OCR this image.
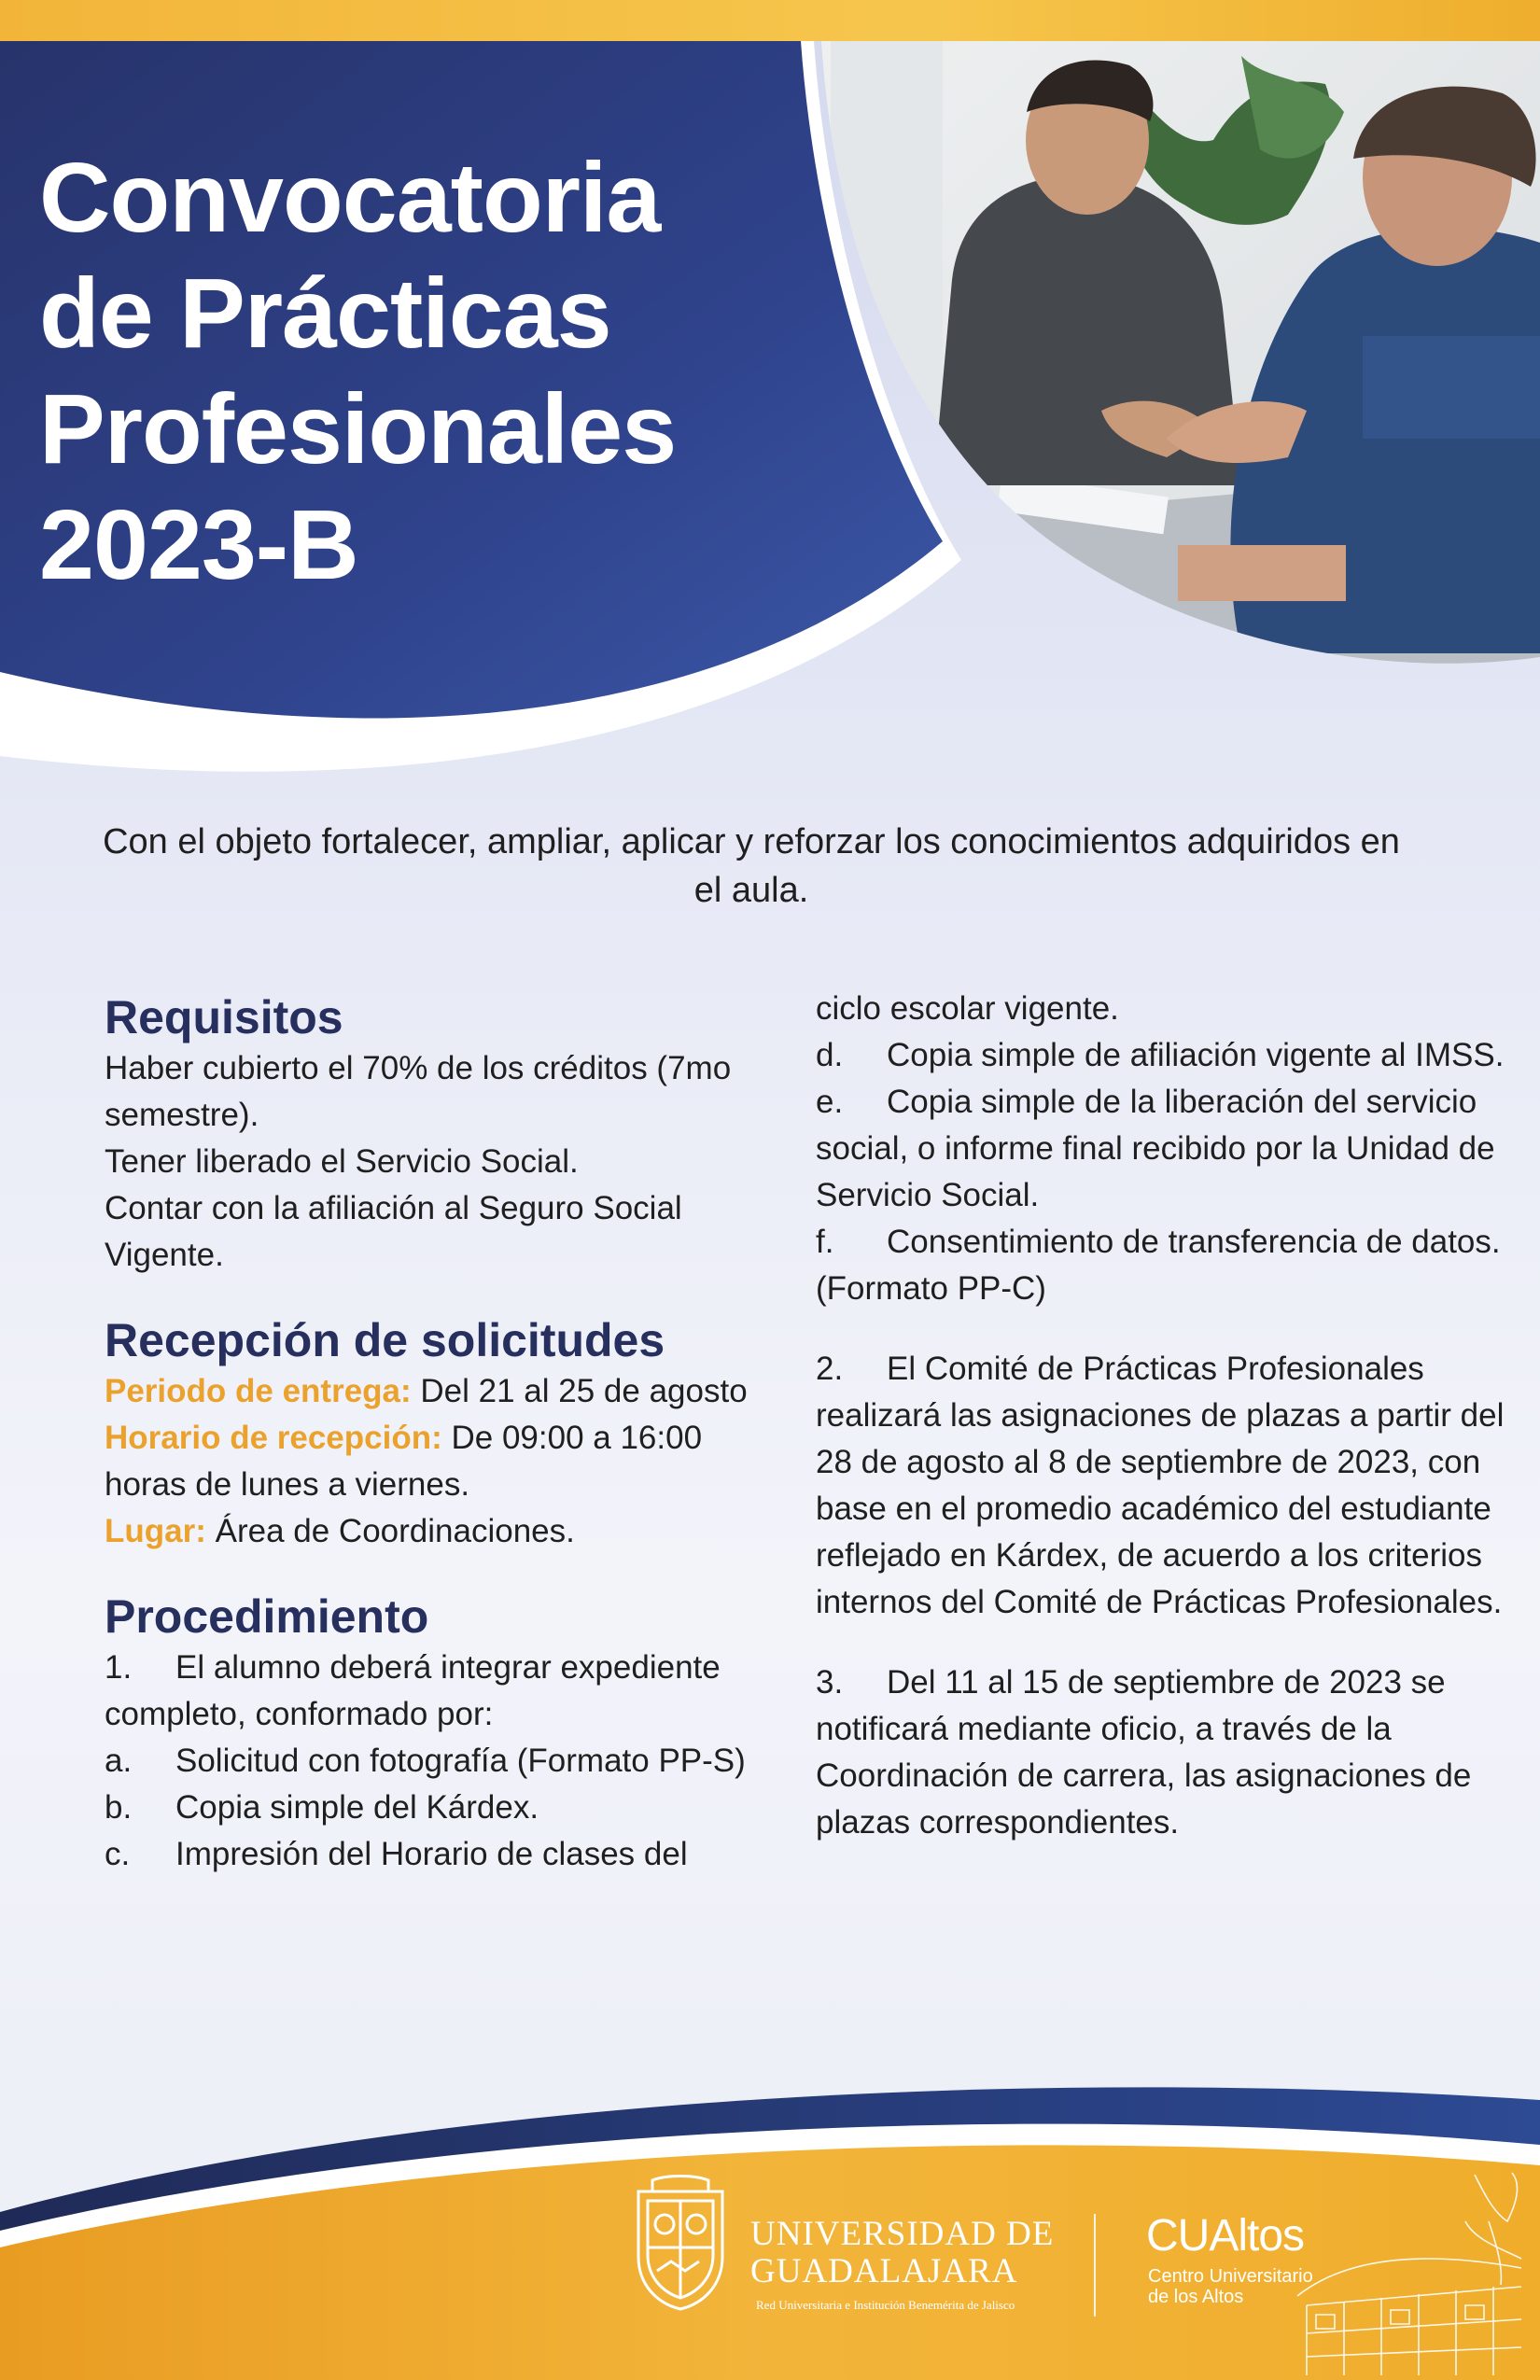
Convocatoria
de Prácticas
Profesionales
2023-B

Con el objeto fortalecer, ampliar, aplicar y reforzar los conocimientos adquiridos en el aula.

Requisitos

Haber cubierto el 70% de los créditos (7mo semestre).

Tener liberado el Servicio Social.

Contar con la afiliación al Seguro Social Vigente.

Recepción de solicitudes

Periodo de entrega: Del 21 al 25 de agosto

Horario de recepción: De 09:00 a 16:00 horas de lunes a viernes.

Lugar: Área de Coordinaciones.

Procedimiento

1. El alumno deberá integrar expediente completo, conformado por:

a. Solicitud con fotografía (Formato PP-S)

b. Copia simple del Kárdex.

c. Impresión del Horario de clases del

ciclo escolar vigente.

d. Copia simple de afiliación vigente al IMSS.

e. Copia simple de la liberación del servicio social, o informe final recibido por la Unidad de Servicio Social.

f. Consentimiento de transferencia de datos. (Formato PP-C)

2. El Comité de Prácticas Profesionales realizará las asignaciones de plazas a partir del 28 de agosto al 8 de septiembre de 2023, con base en el promedio académico del estudiante reflejado en Kárdex, de acuerdo a los criterios internos del Comité de Prácticas Profesionales.

3. Del 11 al 15 de septiembre de 2023 se notificará mediante oficio, a través de la Coordinación de carrera, las asignaciones de plazas correspondientes.

UNIVERSIDAD DE
GUADALAJARA
Red Universitaria e Institución Benemérita de Jalisco
CUAltos
Centro Universitario
de los Altos
